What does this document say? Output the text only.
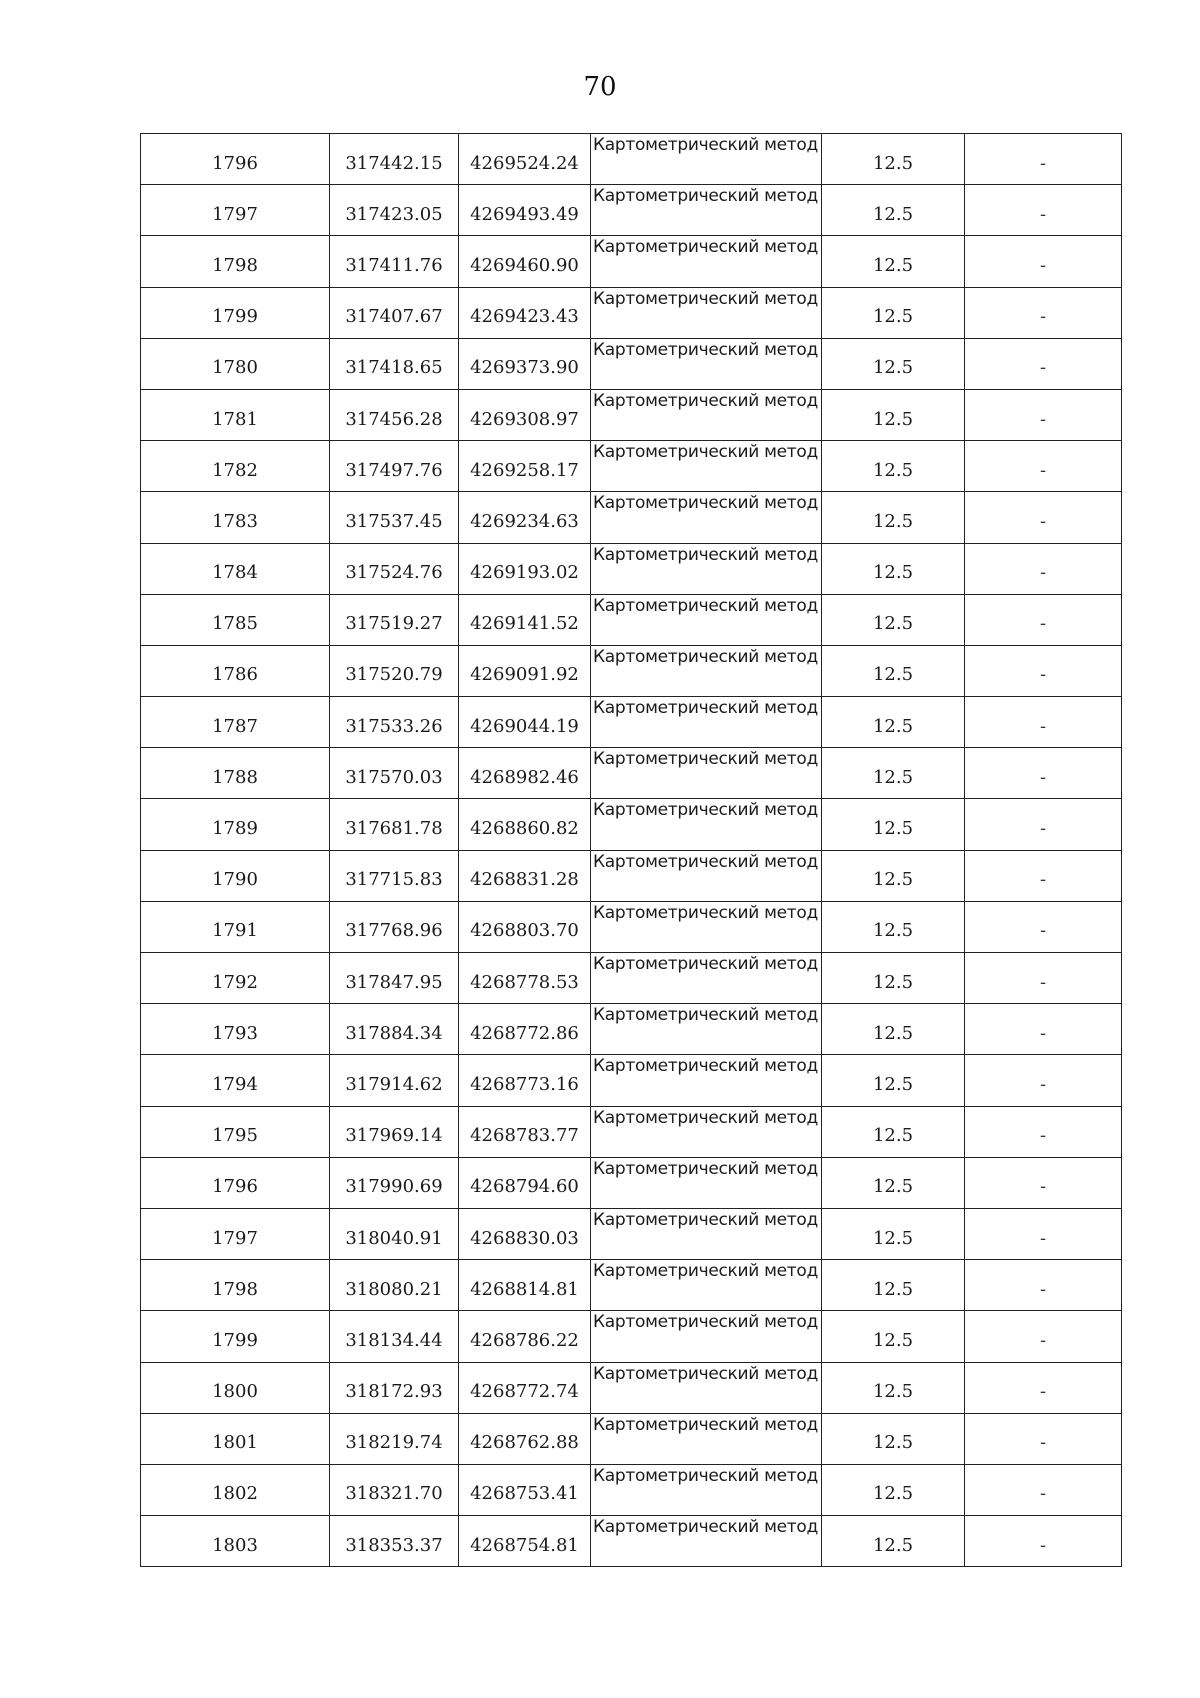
70
1796	317442.15	4269524.24	Картометрический метод	12.5	-
1797	317423.05	4269493.49	Картометрический метод	12.5	-
1798	317411.76	4269460.90	Картометрический метод	12.5	-
1799	317407.67	4269423.43	Картометрический метод	12.5	-
1780	317418.65	4269373.90	Картометрический метод	12.5	-
1781	317456.28	4269308.97	Картометрический метод	12.5	-
1782	317497.76	4269258.17	Картометрический метод	12.5	-
1783	317537.45	4269234.63	Картометрический метод	12.5	-
1784	317524.76	4269193.02	Картометрический метод	12.5	-
1785	317519.27	4269141.52	Картометрический метод	12.5	-
1786	317520.79	4269091.92	Картометрический метод	12.5	-
1787	317533.26	4269044.19	Картометрический метод	12.5	-
1788	317570.03	4268982.46	Картометрический метод	12.5	-
1789	317681.78	4268860.82	Картометрический метод	12.5	-
1790	317715.83	4268831.28	Картометрический метод	12.5	-
1791	317768.96	4268803.70	Картометрический метод	12.5	-
1792	317847.95	4268778.53	Картометрический метод	12.5	-
1793	317884.34	4268772.86	Картометрический метод	12.5	-
1794	317914.62	4268773.16	Картометрический метод	12.5	-
1795	317969.14	4268783.77	Картометрический метод	12.5	-
1796	317990.69	4268794.60	Картометрический метод	12.5	-
1797	318040.91	4268830.03	Картометрический метод	12.5	-
1798	318080.21	4268814.81	Картометрический метод	12.5	-
1799	318134.44	4268786.22	Картометрический метод	12.5	-
1800	318172.93	4268772.74	Картометрический метод	12.5	-
1801	318219.74	4268762.88	Картометрический метод	12.5	-
1802	318321.70	4268753.41	Картометрический метод	12.5	-
1803	318353.37	4268754.81	Картометрический метод	12.5	-
